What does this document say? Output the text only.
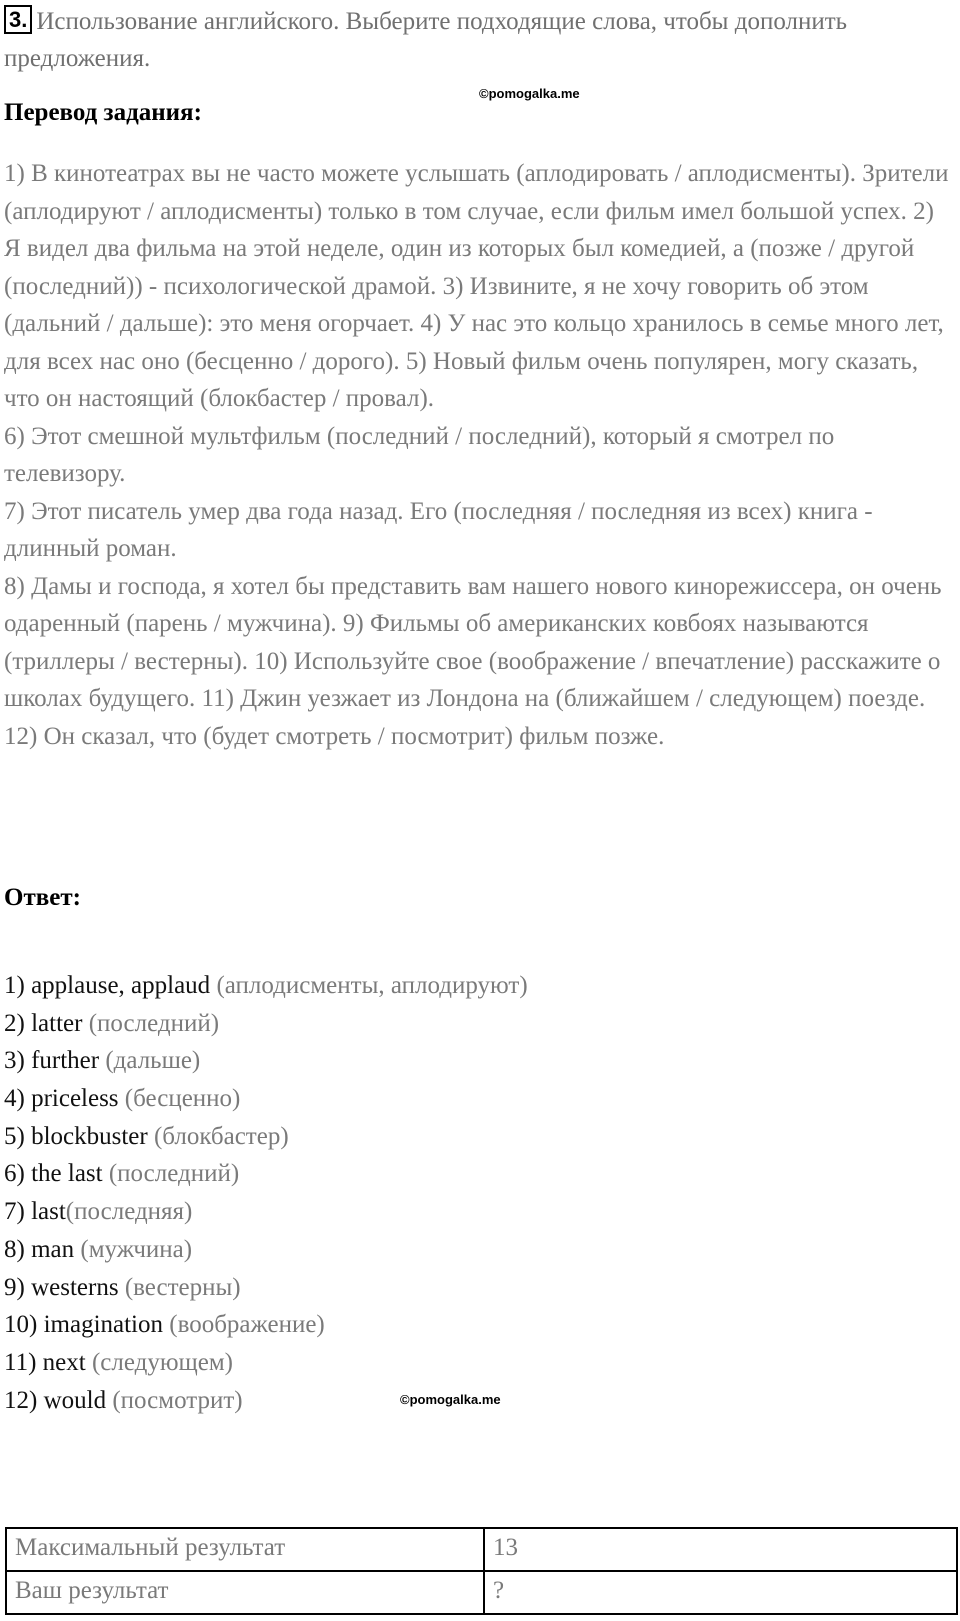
3. Использование английского. Выберите подходящие слова, чтобы дополнить предложения.
©pomogalka.me
Перевод задания:

1) В кинотеатрах вы не часто можете услышать (аплодировать / аплодисменты). Зрители (аплодируют / аплодисменты) только в том случае, если фильм имел большой успех. 2) Я видел два фильма на этой неделе, один из которых был комедией, а (позже / другой (последний)) - психологической драмой. 3) Извините, я не хочу говорить об этом (дальний / дальше): это меня огорчает. 4) У нас это кольцо хранилось в семье много лет, для всех нас оно (бесценно / дорого). 5) Новый фильм очень популярен, могу сказать, что он настоящий (блокбастер / провал).

6) Этот смешной мультфильм (последний / последний), который я смотрел по телевизору.

7) Этот писатель умер два года назад. Его (последняя / последняя из всех) книга - длинный роман.

8) Дамы и господа, я хотел бы представить вам нашего нового кинорежиссера, он очень одаренный (парень / мужчина). 9) Фильмы об американских ковбоях называются (триллеры / вестерны). 10) Используйте свое (воображение / впечатление) расскажите о школах будущего. 11) Джин уезжает из Лондона на (ближайшем / следующем) поезде. 12) Он сказал, что (будет смотреть / посмотрит) фильм позже.

Ответ:
1) applause, applaud (аплодисменты, аплодируют)
2) latter (последний)
3) further (дальше)
4) priceless (бесценно)
5) blockbuster (блокбастер)
6) the last (последний)
7) last(последняя)
8) man (мужчина)
9) westerns (вестерны)
10) imagination (воображение)
11) next (следующем)
12) would (посмотрит)	©pomogalka.me
Максимальный результат	13
Ваш результат	?
